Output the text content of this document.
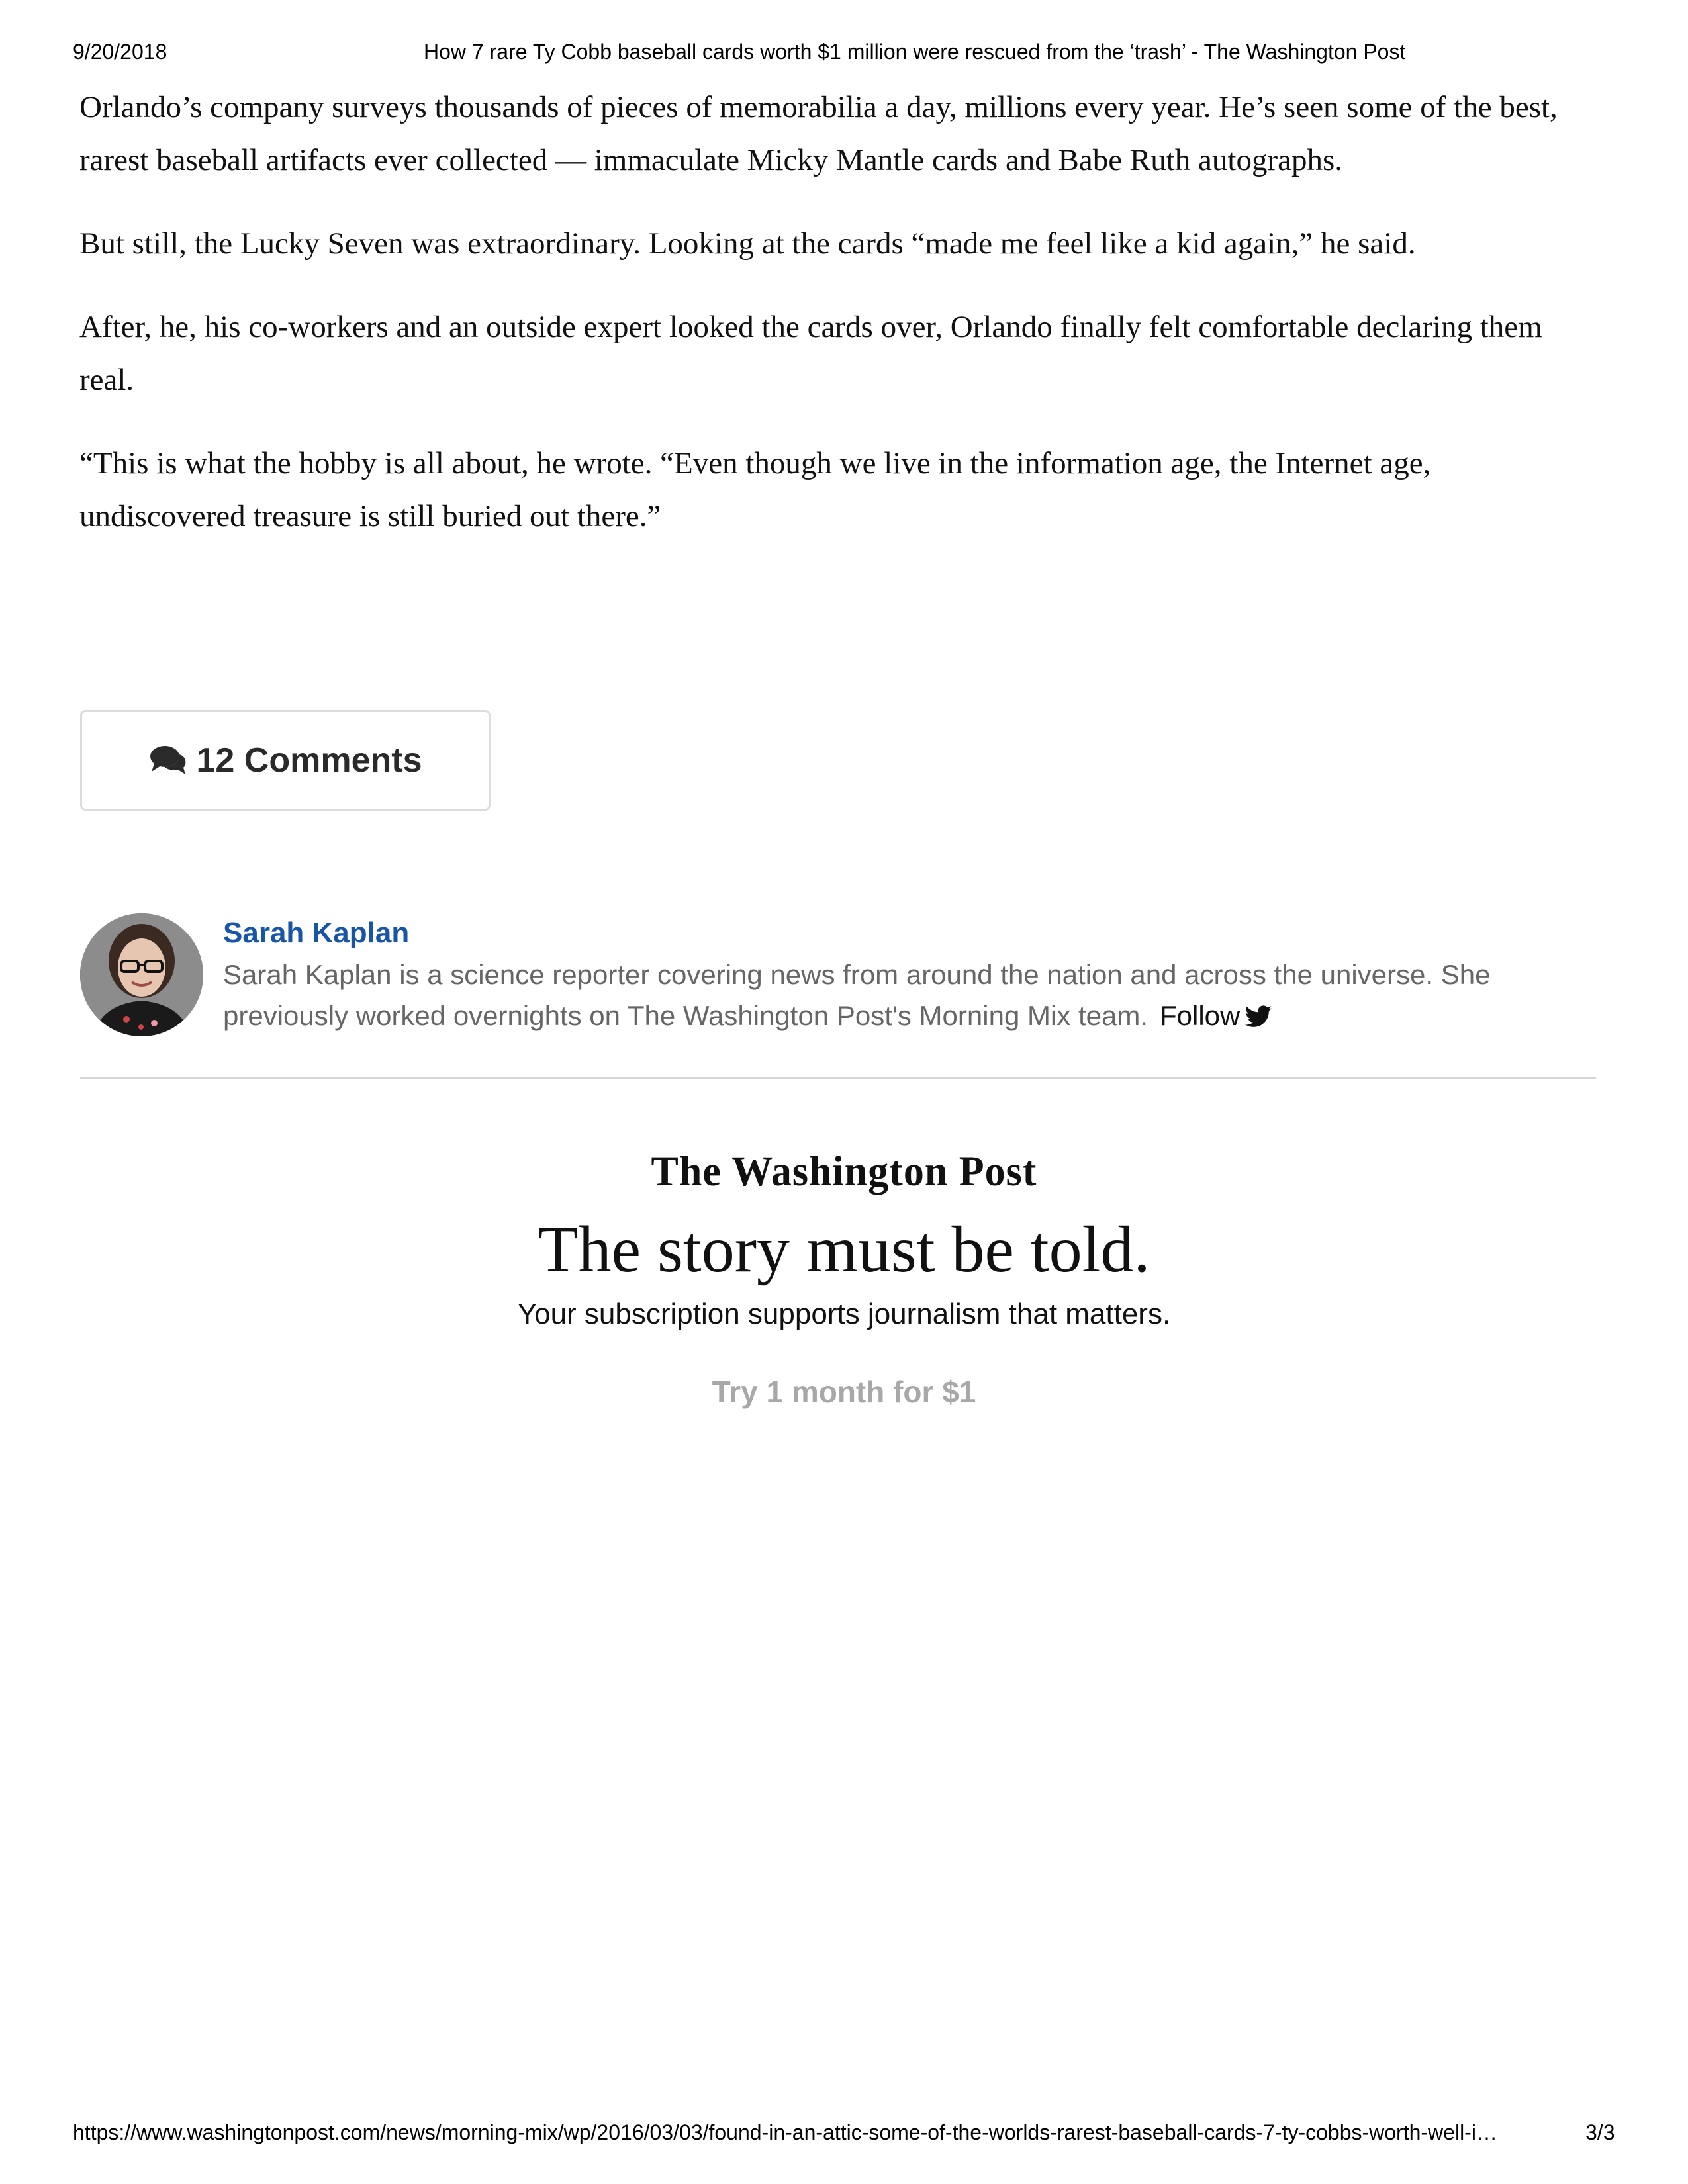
9/20/2018	How 7 rare Ty Cobb baseball cards worth $1 million were rescued from the ‘trash’ - The Washington Post

Orlando’s company surveys thousands of pieces of memorabilia a day, millions every year. He’s seen some of the best, rarest baseball artifacts ever collected — immaculate Micky Mantle cards and Babe Ruth autographs.

But still, the Lucky Seven was extraordinary. Looking at the cards “made me feel like a kid again,” he said.

After, he, his co-workers and an outside expert looked the cards over, Orlando finally felt comfortable declaring them real.

“This is what the hobby is all about, he wrote. “Even though we live in the information age, the Internet age, undiscovered treasure is still buried out there.”

12 Comments
Sarah Kaplan
Sarah Kaplan is a science reporter covering news from around the nation and across the universe. She previously worked overnights on The Washington Post's Morning Mix team. Follow
The Washington Post
The story must be told.
Your subscription supports journalism that matters.
Try 1 month for $1
https://www.washingtonpost.com/news/morning-mix/wp/2016/03/03/found-in-an-attic-some-of-the-worlds-rarest-baseball-cards-7-ty-cobbs-worth-well-i…	3/3
